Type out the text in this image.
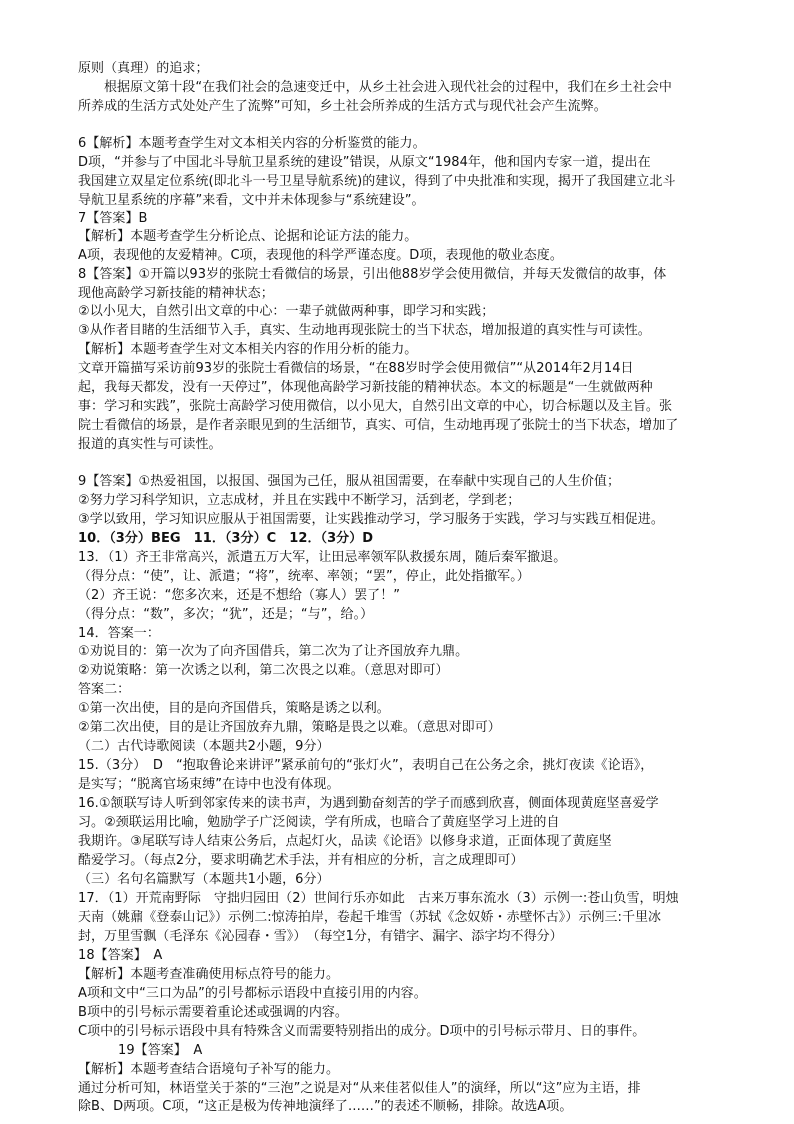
原则（真理）的追求；
根据原文第十段“在我们社会的急速变迁中，从乡土社会进入现代社会的过程中，我们在乡土社会中
所养成的生活方式处处产生了流弊”可知，乡土社会所养成的生活方式与现代社会产生流弊。
6【解析】本题考查学生对文本相关内容的分析鉴赏的能力。
D项，“并参与了中国北斗导航卫星系统的建设”错误，从原文“1984年，他和国内专家一道，提出在
我国建立双星定位系统(即北斗一号卫星导航系统)的建议，得到了中央批准和实现，揭开了我国建立北斗
导航卫星系统的序幕”来看，文中并未体现参与“系统建设”。
7【答案】B
【解析】本题考查学生分析论点、论据和论证方法的能力。
A项，表现他的友爱精神。C项，表现他的科学严谨态度。D项，表现他的敬业态度。
8【答案】①开篇以93岁的张院士看微信的场景，引出他88岁学会使用微信，并每天发微信的故事，体
现他高龄学习新技能的精神状态；
②以小见大，自然引出文章的中心：一辈子就做两种事，即学习和实践；
③从作者目睹的生活细节入手，真实、生动地再现张院士的当下状态，增加报道的真实性与可读性。
【解析】本题考查学生对文本相关内容的作用分析的能力。
文章开篇描写采访前93岁的张院士看微信的场景，“在88岁时学会使用微信”“从2014年2月14日
起，我每天都发，没有一天停过”，体现他高龄学习新技能的精神状态。本文的标题是“一生就做两种
事：学习和实践”，张院士高龄学习使用微信，以小见大，自然引出文章的中心，切合标题以及主旨。张
院士看微信的场景，是作者亲眼见到的生活细节，真实、可信，生动地再现了张院士的当下状态，增加了
报道的真实性与可读性。
9【答案】①热爱祖国，以报国、强国为己任，服从祖国需要，在奉献中实现自己的人生价值；
②努力学习科学知识，立志成材，并且在实践中不断学习，活到老，学到老；
③学以致用，学习知识应服从于祖国需要，让实践推动学习，学习服务于实践，学习与实践互相促进。
10．（3分）BEG　11．（3分）C　12．（3分）D
13．（1）齐王非常高兴，派遣五万大军，让田忌率领军队救援东周，随后秦军撤退。
（得分点：“使”，让、派遣；“将”，统率、率领；“罢”，停止，此处指撤军。）
（2）齐王说：“您多次来，还是不想给（寡人）罢了！”
（得分点：“数”，多次；“犹”，还是；“与”，给。）
14．答案一：
①劝说目的：第一次为了向齐国借兵，第二次为了让齐国放弃九鼎。
②劝说策略：第一次诱之以利，第二次畏之以难。（意思对即可）
答案二：
①第一次出使，目的是向齐国借兵，策略是诱之以利。
②第二次出使，目的是让齐国放弃九鼎，策略是畏之以难。（意思对即可）
（二）古代诗歌阅读（本题共2小题，9分）
15.（3分）　D　“抱取鲁论来讲评”紧承前句的“张灯火”，表明自己在公务之余，挑灯夜读《论语》，
是实写；“脱离官场束缚”在诗中也没有体现。
16.①颔联写诗人听到邻家传来的读书声，为遇到勤奋刻苦的学子而感到欣喜，侧面体现黄庭坚喜爱学
习。②颈联运用比喻，勉励学子广泛阅读，学有所成，也暗合了黄庭坚学习上进的自
我期许。③尾联写诗人结束公务后，点起灯火，品读《论语》以修身求道，正面体现了黄庭坚
酷爱学习。（每点2分，要求明确艺术手法，并有相应的分析，言之成理即可）
（三）名句名篇默写（本题共1小题，6分）
17．（1）开荒南野际　守拙归园田（2）世间行乐亦如此　古来万事东流水（3）示例一:苍山负雪，明烛
天南（姚鼐《登泰山记》）示例二:惊涛拍岸，卷起千堆雪（苏轼《念奴娇・赤壁怀古》）示例三:千里冰
封，万里雪飘（毛泽东《沁园春・雪》）　（每空1分，有错字、漏字、添字均不得分）
18【答案】　A
【解析】本题考查准确使用标点符号的能力。
A项和文中“三口为品”的引号都标示语段中直接引用的内容。
B项中的引号标示需要着重论述或强调的内容。
C项中的引号标示语段中具有特殊含义而需要特别指出的成分。D项中的引号标示带月、日的事件。
19【答案】　A
【解析】本题考查结合语境句子补写的能力。
通过分析可知，林语堂关于茶的“三泡”之说是对“从来佳茗似佳人”的演绎，所以“这”应为主语，排
除B、D两项。C项，“这正是极为传神地演绎了……”的表述不顺畅，排除。故选A项。
